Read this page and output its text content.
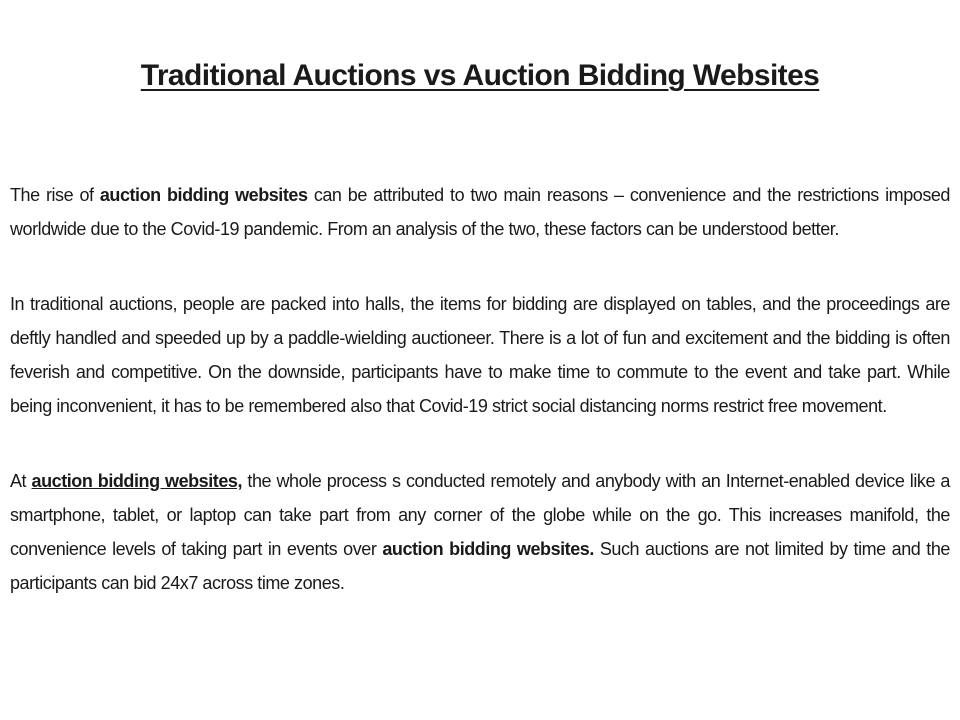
Traditional Auctions vs Auction Bidding Websites

The rise of auction bidding websites can be attributed to two main reasons – convenience and the restrictions imposed worldwide due to the Covid-19 pandemic. From an analysis of the two, these factors can be understood better.

In traditional auctions, people are packed into halls, the items for bidding are displayed on tables, and the proceedings are deftly handled and speeded up by a paddle-wielding auctioneer. There is a lot of fun and excitement and the bidding is often feverish and competitive. On the downside, participants have to make time to commute to the event and take part. While being inconvenient, it has to be remembered also that Covid-19 strict social distancing norms restrict free movement.

At auction bidding websites, the whole process s conducted remotely and anybody with an Internet-enabled device like a smartphone, tablet, or laptop can take part from any corner of the globe while on the go. This increases manifold, the convenience levels of taking part in events over auction bidding websites. Such auctions are not limited by time and the participants can bid 24x7 across time zones.
